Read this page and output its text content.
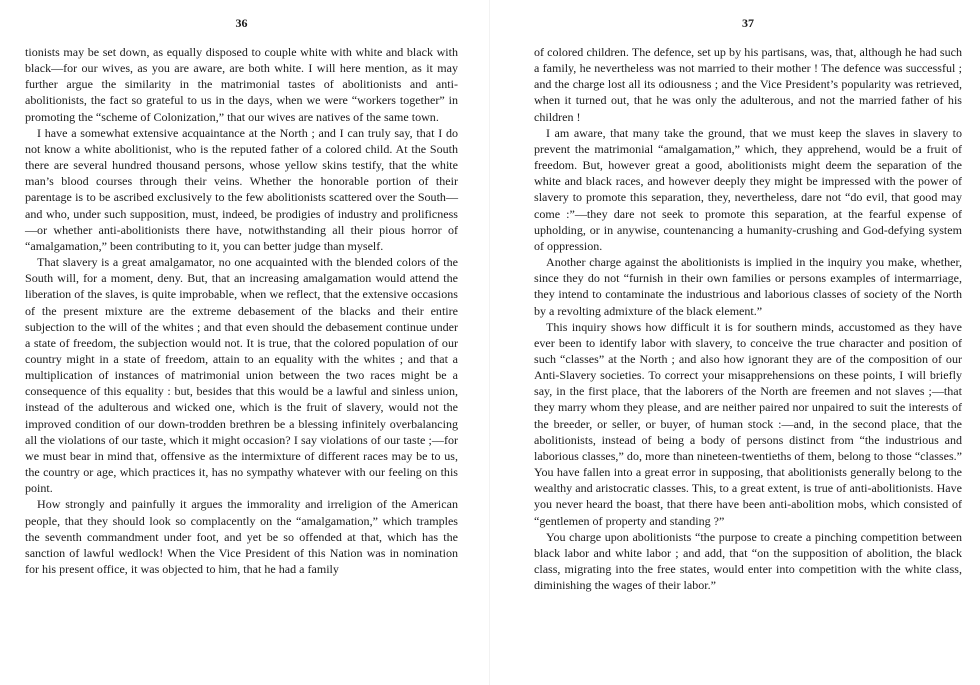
36

tionists may be set down, as equally disposed to couple white with white and black with black—for our wives, as you are aware, are both white. I will here mention, as it may further argue the similarity in the matrimonial tastes of abolitionists and anti-abolitionists, the fact so grateful to us in the days, when we were “workers together” in promoting the “scheme of Colonization,” that our wives are natives of the same town.

I have a somewhat extensive acquaintance at the North ; and I can truly say, that I do not know a white abolitionist, who is the reputed father of a colored child. At the South there are several hundred thousand persons, whose yellow skins testify, that the white man’s blood courses through their veins. Whether the honorable portion of their parentage is to be ascribed exclusively to the few abolitionists scattered over the South—and who, under such supposition, must, indeed, be prodigies of industry and prolificness—or whether anti-abolitionists there have, notwithstanding all their pious horror of “amalgamation,” been contributing to it, you can better judge than myself.

That slavery is a great amalgamator, no one acquainted with the blended colors of the South will, for a moment, deny. But, that an increasing amalgamation would attend the liberation of the slaves, is quite improbable, when we reflect, that the extensive occasions of the present mixture are the extreme debasement of the blacks and their entire subjection to the will of the whites ; and that even should the debasement continue under a state of freedom, the subjection would not. It is true, that the colored population of our country might in a state of freedom, attain to an equality with the whites ; and that a multiplication of instances of matrimonial union between the two races might be a consequence of this equality : but, besides that this would be a lawful and sinless union, instead of the adulterous and wicked one, which is the fruit of slavery, would not the improved condition of our down-trodden brethren be a blessing infinitely overbalancing all the violations of our taste, which it might occasion? I say violations of our taste ;—for we must bear in mind that, offensive as the intermixture of different races may be to us, the country or age, which practices it, has no sympathy whatever with our feeling on this point.

How strongly and painfully it argues the immorality and irreligion of the American people, that they should look so complacently on the “amalgamation,” which tramples the seventh commandment under foot, and yet be so offended at that, which has the sanction of lawful wedlock! When the Vice President of this Nation was in nomination for his present office, it was objected to him, that he had a family

37

of colored children. The defence, set up by his partisans, was, that, although he had such a family, he nevertheless was not married to their mother ! The defence was successful ; and the charge lost all its odiousness ; and the Vice President’s popularity was retrieved, when it turned out, that he was only the adulterous, and not the married father of his children !

I am aware, that many take the ground, that we must keep the slaves in slavery to prevent the matrimonial “amalgamation,” which, they apprehend, would be a fruit of freedom. But, however great a good, abolitionists might deem the separation of the white and black races, and however deeply they might be impressed with the power of slavery to promote this separation, they, nevertheless, dare not “do evil, that good may come :”—they dare not seek to promote this separation, at the fearful expense of upholding, or in anywise, countenancing a humanity-crushing and God-defying system of oppression.

Another charge against the abolitionists is implied in the inquiry you make, whether, since they do not “furnish in their own families or persons examples of intermarriage, they intend to contaminate the industrious and laborious classes of society of the North by a revolting admixture of the black element.”

This inquiry shows how difficult it is for southern minds, accustomed as they have ever been to identify labor with slavery, to conceive the true character and position of such “classes” at the North ; and also how ignorant they are of the composition of our Anti-Slavery societies. To correct your misapprehensions on these points, I will briefly say, in the first place, that the laborers of the North are freemen and not slaves ;—that they marry whom they please, and are neither paired nor unpaired to suit the interests of the breeder, or seller, or buyer, of human stock :—and, in the second place, that the abolitionists, instead of being a body of persons distinct from “the industrious and laborious classes,” do, more than nineteen-twentieths of them, belong to those “classes.” You have fallen into a great error in supposing, that abolitionists generally belong to the wealthy and aristocratic classes. This, to a great extent, is true of anti-abolitionists. Have you never heard the boast, that there have been anti-abolition mobs, which consisted of “gentlemen of property and standing ?”

You charge upon abolitionists “the purpose to create a pinching competition between black labor and white labor ; and add, that “on the supposition of abolition, the black class, migrating into the free states, would enter into competition with the white class, diminishing the wages of their labor.”
